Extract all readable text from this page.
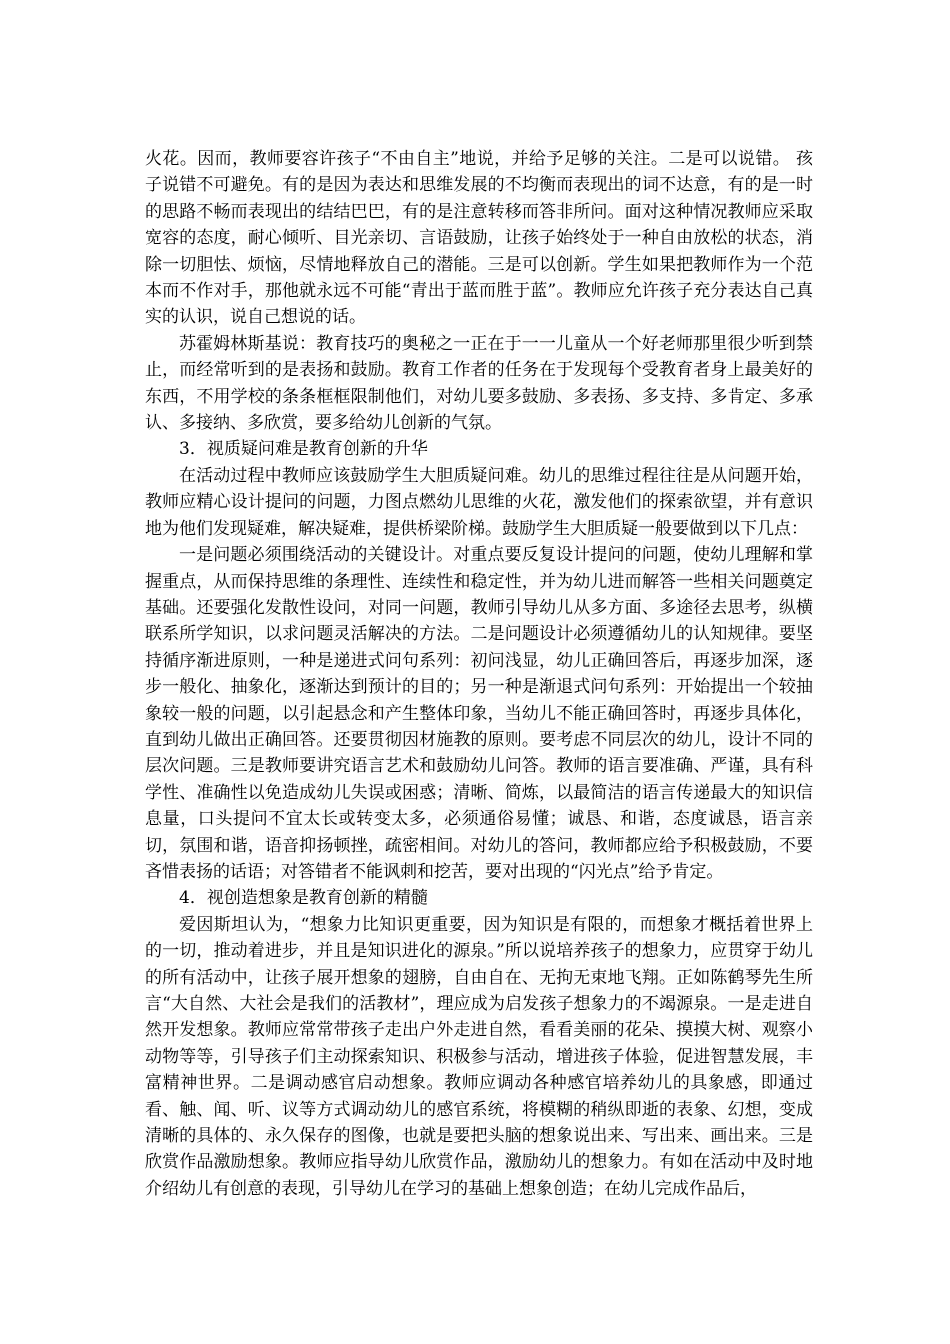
火花。因而，教师要容许孩子“不由自主”地说，并给予足够的关注。二是可以说错。 孩子说错不可避免。有的是因为表达和思维发展的不均衡而表现出的词不达意，有的是一时的思路不畅而表现出的结结巴巴，有的是注意转移而答非所问。面对这种情况教师应采取宽容的态度，耐心倾听、目光亲切、言语鼓励，让孩子始终处于一种自由放松的状态，消除一切胆怯、烦恼，尽情地释放自己的潜能。三是可以创新。学生如果把教师作为一个范本而不作对手，那他就永远不可能“青出于蓝而胜于蓝”。教师应允许孩子充分表达自己真实的认识，说自己想说的话。

苏霍姆林斯基说：教育技巧的奥秘之一正在于一一儿童从一个好老师那里很少听到禁止，而经常听到的是表扬和鼓励。教育工作者的任务在于发现每个受教育者身上最美好的东西，不用学校的条条框框限制他们，对幼儿要多鼓励、多表扬、多支持、多肯定、多承认、多接纳、多欣赏，要多给幼儿创新的气氛。

3．视质疑问难是教育创新的升华

在活动过程中教师应该鼓励学生大胆质疑问难。幼儿的思维过程往往是从问题开始，教师应精心设计提问的问题，力图点燃幼儿思维的火花，激发他们的探索欲望，并有意识地为他们发现疑难，解决疑难，提供桥梁阶梯。鼓励学生大胆质疑一般要做到以下几点：

一是问题必须围绕活动的关键设计。对重点要反复设计提问的问题，使幼儿理解和掌握重点，从而保持思维的条理性、连续性和稳定性，并为幼儿进而解答一些相关问题奠定基础。还要强化发散性设问，对同一问题，教师引导幼儿从多方面、多途径去思考，纵横联系所学知识，以求问题灵活解决的方法。二是问题设计必须遵循幼儿的认知规律。要坚持循序渐进原则，一种是递进式问句系列：初问浅显，幼儿正确回答后，再逐步加深，逐步一般化、抽象化，逐渐达到预计的目的；另一种是渐退式问句系列：开始提出一个较抽象较一般的问题，以引起悬念和产生整体印象，当幼儿不能正确回答时，再逐步具体化，直到幼儿做出正确回答。还要贯彻因材施教的原则。要考虑不同层次的幼儿，设计不同的层次问题。三是教师要讲究语言艺术和鼓励幼儿问答。教师的语言要准确、严谨，具有科学性、准确性以免造成幼儿失误或困惑；清晰、简炼，以最简洁的语言传递最大的知识信息量，口头提问不宜太长或转变太多，必须通俗易懂；诚恳、和谐，态度诚恳，语言亲切，氛围和谐，语音抑扬顿挫，疏密相间。对幼儿的答问，教师都应给予积极鼓励，不要吝惜表扬的话语；对答错者不能讽刺和挖苦，要对出现的“闪光点”给予肯定。

4．视创造想象是教育创新的精髓

爱因斯坦认为，“想象力比知识更重要，因为知识是有限的，而想象才概括着世界上的一切，推动着进步，并且是知识进化的源泉。”所以说培养孩子的想象力，应贯穿于幼儿的所有活动中，让孩子展开想象的翅膀，自由自在、无拘无束地飞翔。正如陈鹤琴先生所言“大自然、大社会是我们的活教材”，理应成为启发孩子想象力的不竭源泉。一是走进自然开发想象。教师应常常带孩子走出户外走进自然，看看美丽的花朵、摸摸大树、观察小动物等等，引导孩子们主动探索知识、积极参与活动，增进孩子体验，促进智慧发展，丰富精神世界。二是调动感官启动想象。教师应调动各种感官培养幼儿的具象感，即通过看、触、闻、听、议等方式调动幼儿的感官系统，将模糊的稍纵即逝的表象、幻想，变成清晰的具体的、永久保存的图像，也就是要把头脑的想象说出来、写出来、画出来。三是欣赏作品激励想象。教师应指导幼儿欣赏作品，激励幼儿的想象力。有如在活动中及时地介绍幼儿有创意的表现，引导幼儿在学习的基础上想象创造；在幼儿完成作品后，
